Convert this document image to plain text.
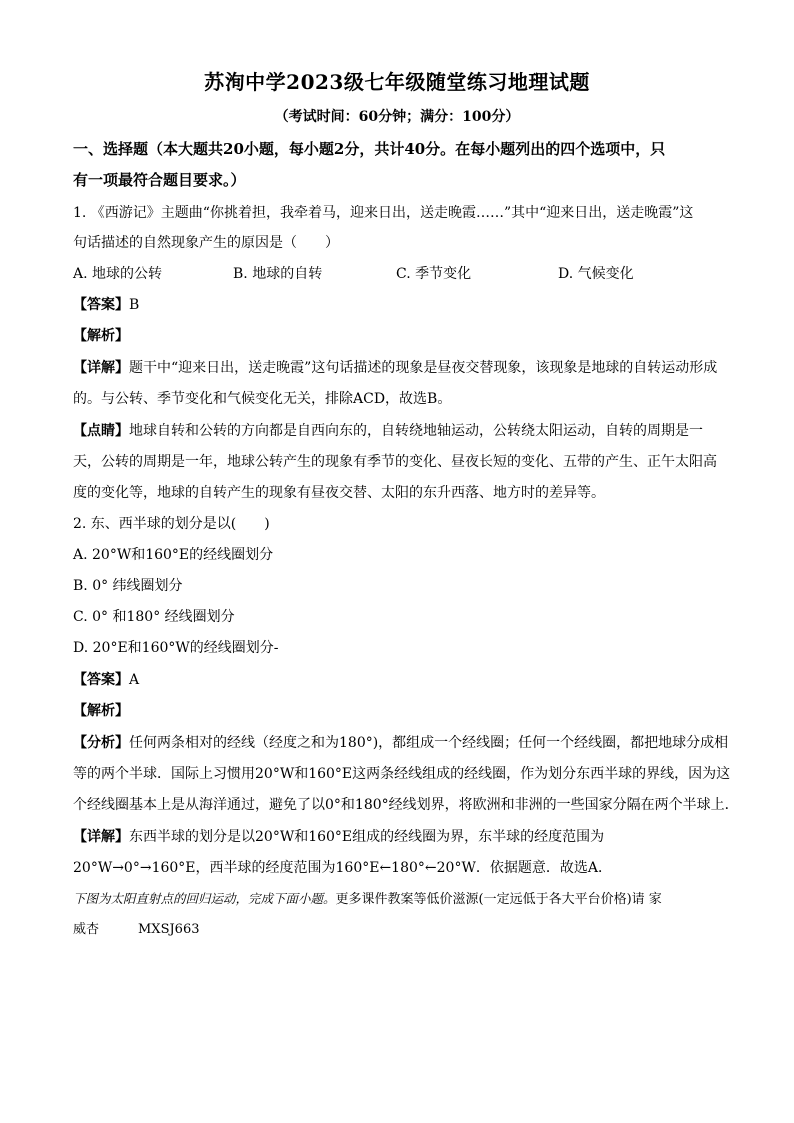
苏洵中学2023级七年级随堂练习地理试题
（考试时间：60分钟；满分：100分）
一、选择题（本大题共20小题，每小题2分，共计40分。在每小题列出的四个选项中，只
有一项最符合题目要求。）
1. 《西游记》主题曲“你挑着担，我牵着马，迎来日出，送走晚霞……”其中“迎来日出，送走晚霞”这
句话描述的自然现象产生的原因是（　　）
A. 地球的公转	B. 地球的自转	C. 季节变化	D. 气候变化
【答案】B
【解析】
【详解】题干中“迎来日出，送走晚霞”这句话描述的现象是昼夜交替现象，该现象是地球的自转运动形成
的。与公转、季节变化和气候变化无关，排除ACD，故选B。
【点睛】地球自转和公转的方向都是自西向东的，自转绕地轴运动，公转绕太阳运动，自转的周期是一
天，公转的周期是一年，地球公转产生的现象有季节的变化、昼夜长短的变化、五带的产生、正午太阳高
度的变化等，地球的自转产生的现象有昼夜交替、太阳的东升西落、地方时的差异等。
2. 东、西半球的划分是以(　　)
A. 20°W和160°E的经线圈划分
B. 0° 纬线圈划分
C. 0° 和180° 经线圈划分
D. 20°E和160°W的经线圈划分-
【答案】A
【解析】
【分析】任何两条相对的经线（经度之和为180°)，都组成一个经线圈；任何一个经线圈，都把地球分成相
等的两个半球．国际上习惯用20°W和160°E这两条经线组成的经线圈，作为划分东西半球的界线，因为这
个经线圈基本上是从海洋通过，避免了以0°和180°经线划界，将欧洲和非洲的一些国家分隔在两个半球上．
【详解】东西半球的划分是以20°W和160°E组成的经线圈为界，东半球的经度范围为
20°W→0°→160°E，西半球的经度范围为160°E←180°←20°W．依据题意．故选A．
下图为太阳直射点的回归运动，完成下面小题。更多课件教案等低价滋源(一定远低于各大平台价格)请 家
威杏　　　MXSJ663
